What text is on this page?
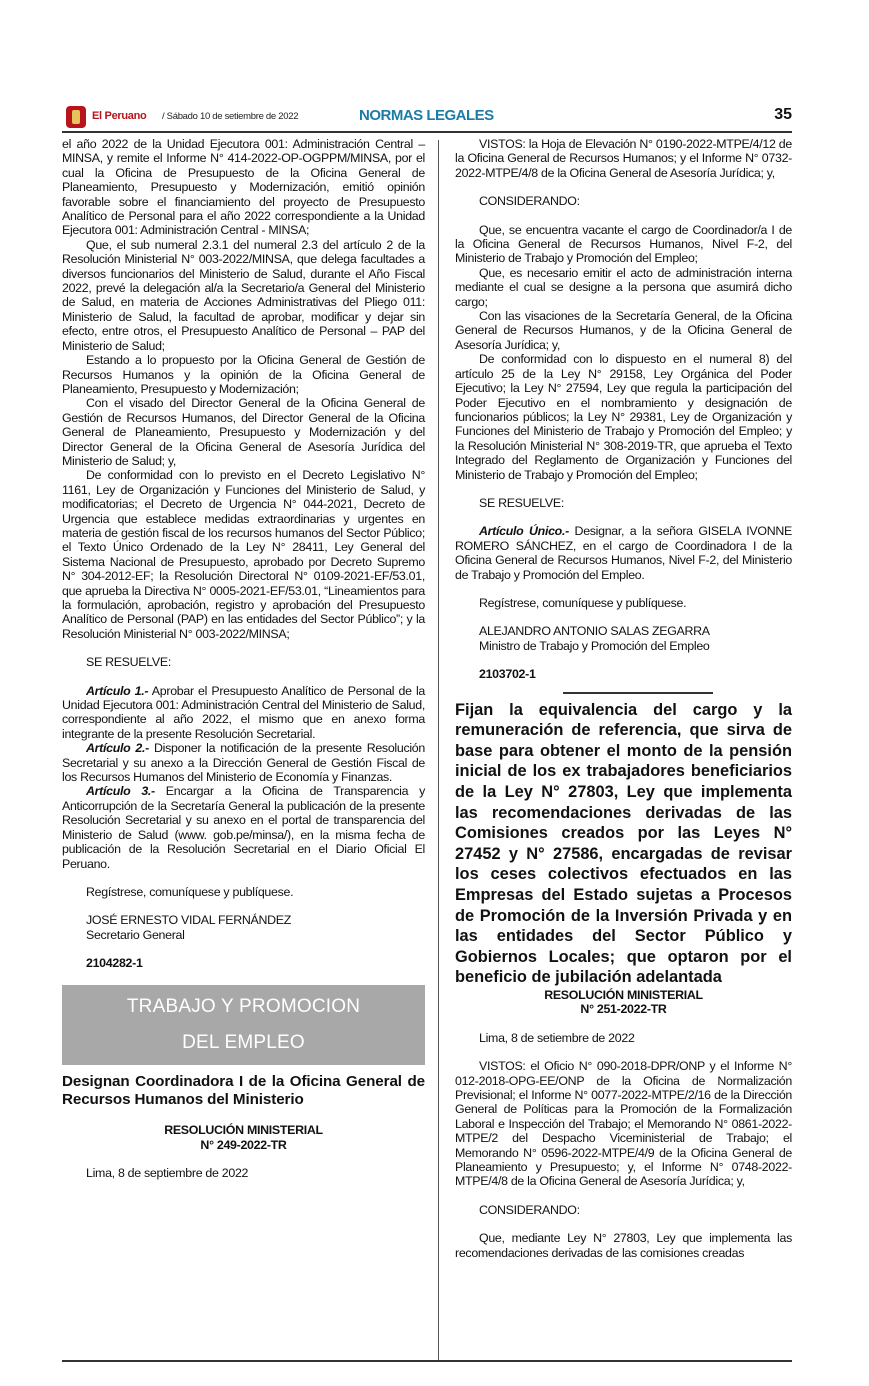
El Peruano / Sábado 10 de setiembre de 2022	NORMAS LEGALES	35

el año 2022 de la Unidad Ejecutora 001: Administración Central – MINSA, y remite el Informe N° 414-2022-OP-OGPPM/MINSA, por el cual la Oficina de Presupuesto de la Oficina General de Planeamiento, Presupuesto y Modernización, emitió opinión favorable sobre el financiamiento del proyecto de Presupuesto Analítico de Personal para el año 2022 correspondiente a la Unidad Ejecutora 001: Administración Central - MINSA;

Que, el sub numeral 2.3.1 del numeral 2.3 del artículo 2 de la Resolución Ministerial N° 003-2022/MINSA, que delega facultades a diversos funcionarios del Ministerio de Salud, durante el Año Fiscal 2022, prevé la delegación al/a la Secretario/a General del Ministerio de Salud, en materia de Acciones Administrativas del Pliego 011: Ministerio de Salud, la facultad de aprobar, modificar y dejar sin efecto, entre otros, el Presupuesto Analítico de Personal – PAP del Ministerio de Salud;

Estando a lo propuesto por la Oficina General de Gestión de Recursos Humanos y la opinión de la Oficina General de Planeamiento, Presupuesto y Modernización;

Con el visado del Director General de la Oficina General de Gestión de Recursos Humanos, del Director General de la Oficina General de Planeamiento, Presupuesto y Modernización y del Director General de la Oficina General de Asesoría Jurídica del Ministerio de Salud; y,

De conformidad con lo previsto en el Decreto Legislativo N° 1161, Ley de Organización y Funciones del Ministerio de Salud, y modificatorias; el Decreto de Urgencia N° 044-2021, Decreto de Urgencia que establece medidas extraordinarias y urgentes en materia de gestión fiscal de los recursos humanos del Sector Público; el Texto Único Ordenado de la Ley N° 28411, Ley General del Sistema Nacional de Presupuesto, aprobado por Decreto Supremo N° 304-2012-EF; la Resolución Directoral N° 0109-2021-EF/53.01, que aprueba la Directiva N° 0005-2021-EF/53.01, “Lineamientos para la formulación, aprobación, registro y aprobación del Presupuesto Analítico de Personal (PAP) en las entidades del Sector Público”; y la Resolución Ministerial N° 003-2022/MINSA;

SE RESUELVE:

Artículo 1.- Aprobar el Presupuesto Analítico de Personal de la Unidad Ejecutora 001: Administración Central del Ministerio de Salud, correspondiente al año 2022, el mismo que en anexo forma integrante de la presente Resolución Secretarial.

Artículo 2.- Disponer la notificación de la presente Resolución Secretarial y su anexo a la Dirección General de Gestión Fiscal de los Recursos Humanos del Ministerio de Economía y Finanzas.

Artículo 3.- Encargar a la Oficina de Transparencia y Anticorrupción de la Secretaría General la publicación de la presente Resolución Secretarial y su anexo en el portal de transparencia del Ministerio de Salud (www. gob.pe/minsa/), en la misma fecha de publicación de la Resolución Secretarial en el Diario Oficial El Peruano.

Regístrese, comuníquese y publíquese.

JOSÉ ERNESTO VIDAL FERNÁNDEZ

Secretario General

2104282-1

TRABAJO Y PROMOCION
DEL EMPLEO

Designan Coordinadora I de la Oficina General de Recursos Humanos del Ministerio

RESOLUCIÓN MINISTERIAL

N° 249-2022-TR

Lima, 8 de septiembre de 2022

VISTOS: la Hoja de Elevación N° 0190-2022-MTPE/4/12 de la Oficina General de Recursos Humanos; y el Informe N° 0732-2022-MTPE/4/8 de la Oficina General de Asesoría Jurídica; y,

CONSIDERANDO:

Que, se encuentra vacante el cargo de Coordinador/a I de la Oficina General de Recursos Humanos, Nivel F-2, del Ministerio de Trabajo y Promoción del Empleo;

Que, es necesario emitir el acto de administración interna mediante el cual se designe a la persona que asumirá dicho cargo;

Con las visaciones de la Secretaría General, de la Oficina General de Recursos Humanos, y de la Oficina General de Asesoría Jurídica; y,

De conformidad con lo dispuesto en el numeral 8) del artículo 25 de la Ley N° 29158, Ley Orgánica del Poder Ejecutivo; la Ley N° 27594, Ley que regula la participación del Poder Ejecutivo en el nombramiento y designación de funcionarios públicos; la Ley N° 29381, Ley de Organización y Funciones del Ministerio de Trabajo y Promoción del Empleo; y la Resolución Ministerial N° 308-2019-TR, que aprueba el Texto Integrado del Reglamento de Organización y Funciones del Ministerio de Trabajo y Promoción del Empleo;

SE RESUELVE:

Artículo Único.- Designar, a la señora GISELA IVONNE ROMERO SÁNCHEZ, en el cargo de Coordinadora I de la Oficina General de Recursos Humanos, Nivel F-2, del Ministerio de Trabajo y Promoción del Empleo.

Regístrese, comuníquese y publíquese.

ALEJANDRO ANTONIO SALAS ZEGARRA

Ministro de Trabajo y Promoción del Empleo

2103702-1

Fijan la equivalencia del cargo y la remuneración de referencia, que sirva de base para obtener el monto de la pensión inicial de los ex trabajadores beneficiarios de la Ley N° 27803, Ley que implementa las recomendaciones derivadas de las Comisiones creados por las Leyes N° 27452 y N° 27586, encargadas de revisar los ceses colectivos efectuados en las Empresas del Estado sujetas a Procesos de Promoción de la Inversión Privada y en las entidades del Sector Público y Gobiernos Locales; que optaron por el beneficio de jubilación adelantada

RESOLUCIÓN MINISTERIAL

N° 251-2022-TR

Lima, 8 de setiembre de 2022

VISTOS: el Oficio N° 090-2018-DPR/ONP y el Informe N° 012-2018-OPG-EE/ONP de la Oficina de Normalización Previsional; el Informe N° 0077-2022-MTPE/2/16 de la Dirección General de Políticas para la Promoción de la Formalización Laboral e Inspección del Trabajo; el Memorando N° 0861-2022-MTPE/2 del Despacho Viceministerial de Trabajo; el Memorando N° 0596-2022-MTPE/4/9 de la Oficina General de Planeamiento y Presupuesto; y, el Informe N° 0748-2022-MTPE/4/8 de la Oficina General de Asesoría Jurídica; y,

CONSIDERANDO:

Que, mediante Ley N° 27803, Ley que implementa las recomendaciones derivadas de las comisiones creadas
